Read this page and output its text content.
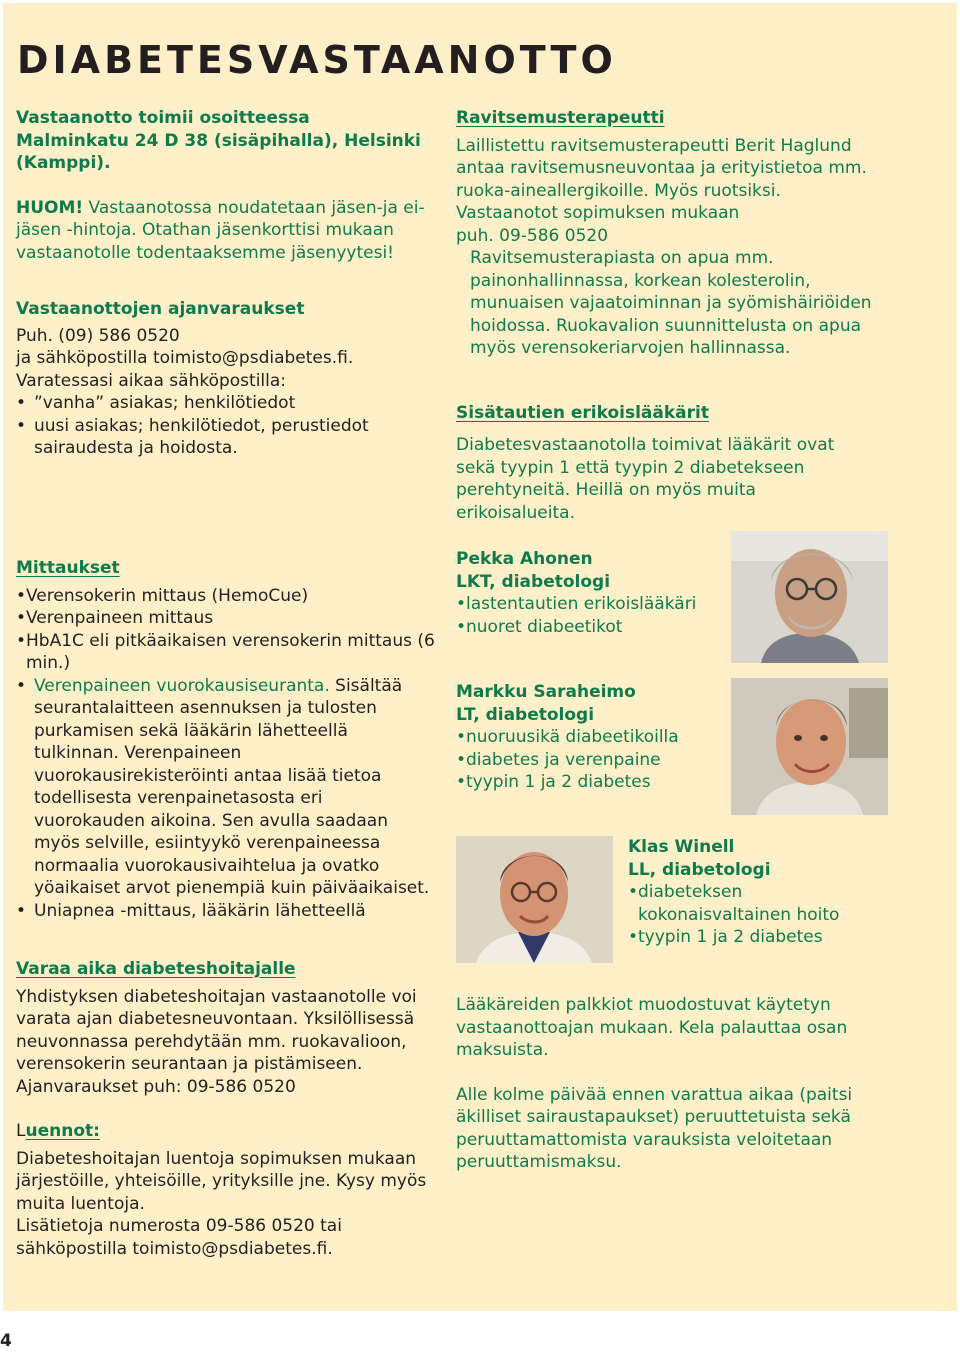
DIABETESVASTAANOTTO

Vastaanotto toimii osoitteessa Malminkatu 24 D 38 (sisäpihalla), Helsinki (Kamppi).

HUOM! Vastaanotossa noudatetaan jäsen-ja ei-jäsen -hintoja. Otathan jäsenkorttisi mukaan vastaanotolle todentaaksemme jäsenyytesi!

Vastaanottojen ajanvaraukset

Puh. (09) 586 0520

ja sähköpostilla toimisto@psdiabetes.fi.

Varatessasi aikaa sähköpostilla:

• ”vanha” asiakas; henkilötiedot
• uusi asiakas; henkilötiedot, perustiedot sairaudesta ja hoidosta.

Mittaukset

• Verensokerin mittaus (HemoCue)
• Verenpaineen mittaus
• HbA1C eli pitkäaikaisen verensokerin mittaus (6 min.)
• Verenpaineen vuorokausiseuranta. Sisältää seurantalaitteen asennuksen ja tulosten purkamisen sekä lääkärin lähetteellä tulkinnan. Verenpaineen vuorokausirekisteröinti antaa lisää tietoa todellisesta verenpainetasosta eri vuorokauden aikoina. Sen avulla saadaan myös selville, esiintyykö verenpaineessa normaalia vuorokausivaihtelua ja ovatko yöaikaiset arvot pienempiä kuin päiväaikaiset.
• Uniapnea -mittaus, lääkärin lähetteellä

Varaa aika diabeteshoitajalle

Yhdistyksen diabeteshoitajan vastaanotolle voi varata ajan diabetesneuvontaan. Yksilöllisessä neuvonnassa perehdytään mm. ruokavalioon, verensokerin seurantaan ja pistämiseen.

Ajanvaraukset puh: 09-586 0520

Luennot:

Diabeteshoitajan luentoja sopimuksen mukaan järjestöille, yhteisöille, yrityksille jne. Kysy myös muita luentoja.

Lisätietoja numerosta 09-586 0520 tai sähköpostilla toimisto@psdiabetes.fi.

Ravitsemusterapeutti

Laillistettu ravitsemusterapeutti Berit Haglund antaa ravitsemusneuvontaa ja erityistietoa mm. ruoka-aineallergikoille. Myös ruotsiksi.

Vastaanotot sopimuksen mukaan

puh. 09-586 0520

Ravitsemusterapiasta on apua mm. painonhallinnassa, korkean kolesterolin, munuaisen vajaatoiminnan ja syömishäiriöiden hoidossa. Ruokavalion suunnittelusta on apua myös verensokeriarvojen hallinnassa.

Sisätautien erikoislääkärit

Diabetesvastaanotolla toimivat lääkärit ovat sekä tyypin 1 että tyypin 2 diabetekseen perehtyneitä. Heillä on myös muita erikoisalueita.

Pekka Ahonen

LKT, diabetologi

• lastentautien erikoislääkäri
• nuoret diabeetikot

Markku Saraheimo

LT, diabetologi

• nuoruusikä diabeetikoilla
• diabetes ja verenpaine
• tyypin 1 ja 2 diabetes

Klas Winell

LL, diabetologi

• diabeteksen kokonaisvaltainen hoito
• tyypin 1 ja 2 diabetes

Lääkäreiden palkkiot muodostuvat käytetyn vastaanottoajan mukaan. Kela palauttaa osan maksuista.

Alle kolme päivää ennen varattua aikaa (paitsi äkilliset sairaustapaukset) peruuttetuista sekä peruuttamattomista varauksista veloitetaan peruuttamismaksu.

4
